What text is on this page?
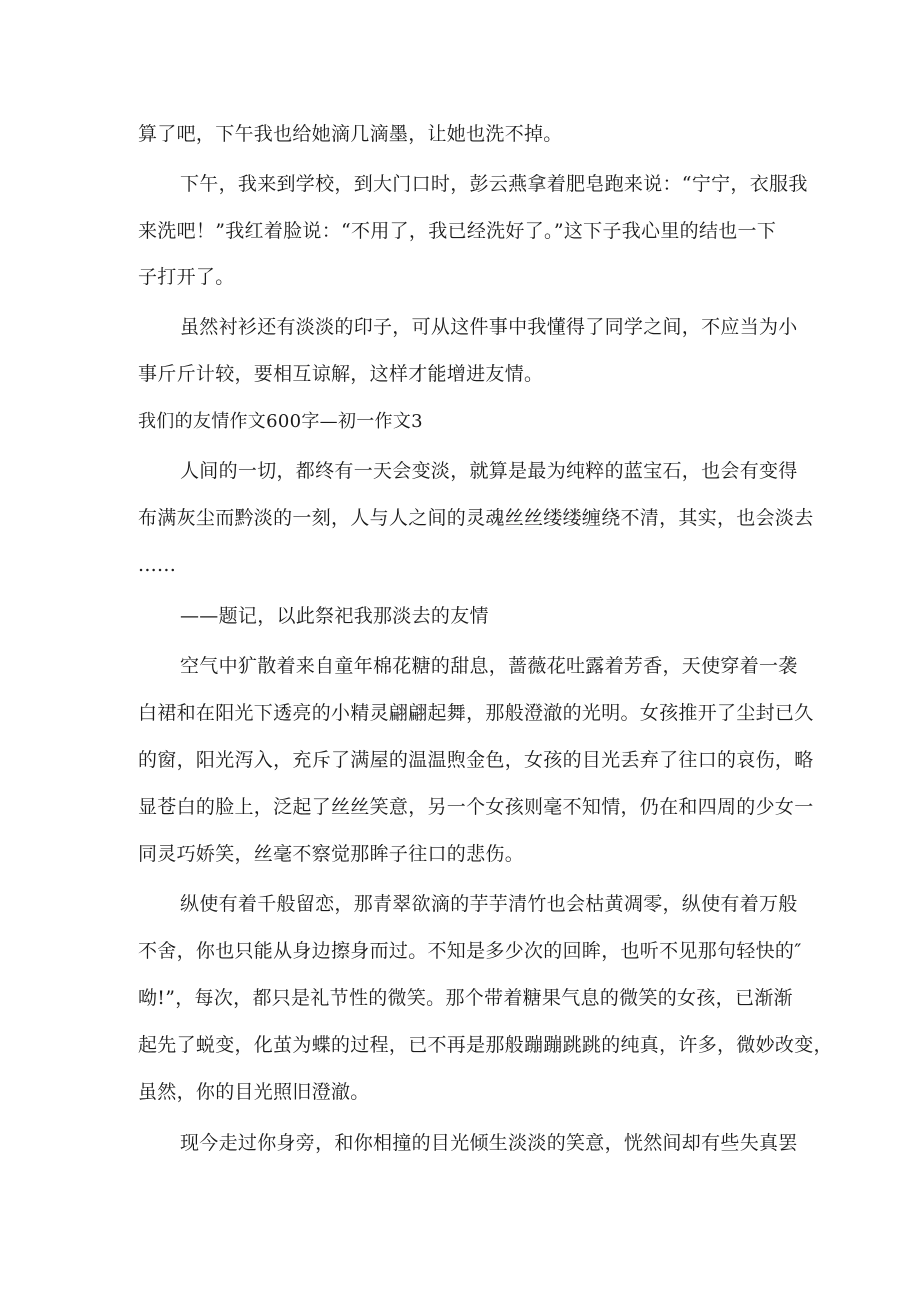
算了吧，下午我也给她滴几滴墨，让她也洗不掉。
下午，我来到学校，到大门口时，彭云燕拿着肥皂跑来说：“宁宁，衣服我
来洗吧！”我红着脸说：“不用了，我已经洗好了。”这下子我心里的结也一下
子打开了。
虽然衬衫还有淡淡的印子，可从这件事中我懂得了同学之间，不应当为小
事斤斤计较，要相互谅解，这样才能增进友情。
我们的友情作文600字—初一作文3
人间的一切，都终有一天会变淡，就算是最为纯粹的蓝宝石，也会有变得
布满灰尘而黔淡的一刻，人与人之间的灵魂丝丝缕缕缠绕不清，其实，也会淡去
......
——题记，以此祭祀我那淡去的友情
空气中犷散着来自童年棉花糖的甜息，蔷薇花吐露着芳香，天使穿着一袭
白裙和在阳光下透亮的小精灵翩翩起舞，那般澄澈的光明。女孩推开了尘封已久
的窗，阳光泻入，充斥了满屋的温温煦金色，女孩的目光丢弃了往口的哀伤，略
显苍白的脸上，泛起了丝丝笑意，另一个女孩则毫不知情，仍在和四周的少女一
同灵巧娇笑，丝毫不察觉那眸子往口的悲伤。
纵使有着千般留恋，那青翠欲滴的芋芋清竹也会枯黄凋零，纵使有着万般
不舍，你也只能从身边擦身而过。不知是多少次的回眸，也听不见那句轻快的″
呦!”，每次，都只是礼节性的微笑。那个带着糖果气息的微笑的女孩，已渐渐
起先了蜕变，化茧为蝶的过程，已不再是那般蹦蹦跳跳的纯真，许多，微妙改变，
虽然，你的目光照旧澄澈。
现今走过你身旁，和你相撞的目光倾生淡淡的笑意，恍然间却有些失真罢
